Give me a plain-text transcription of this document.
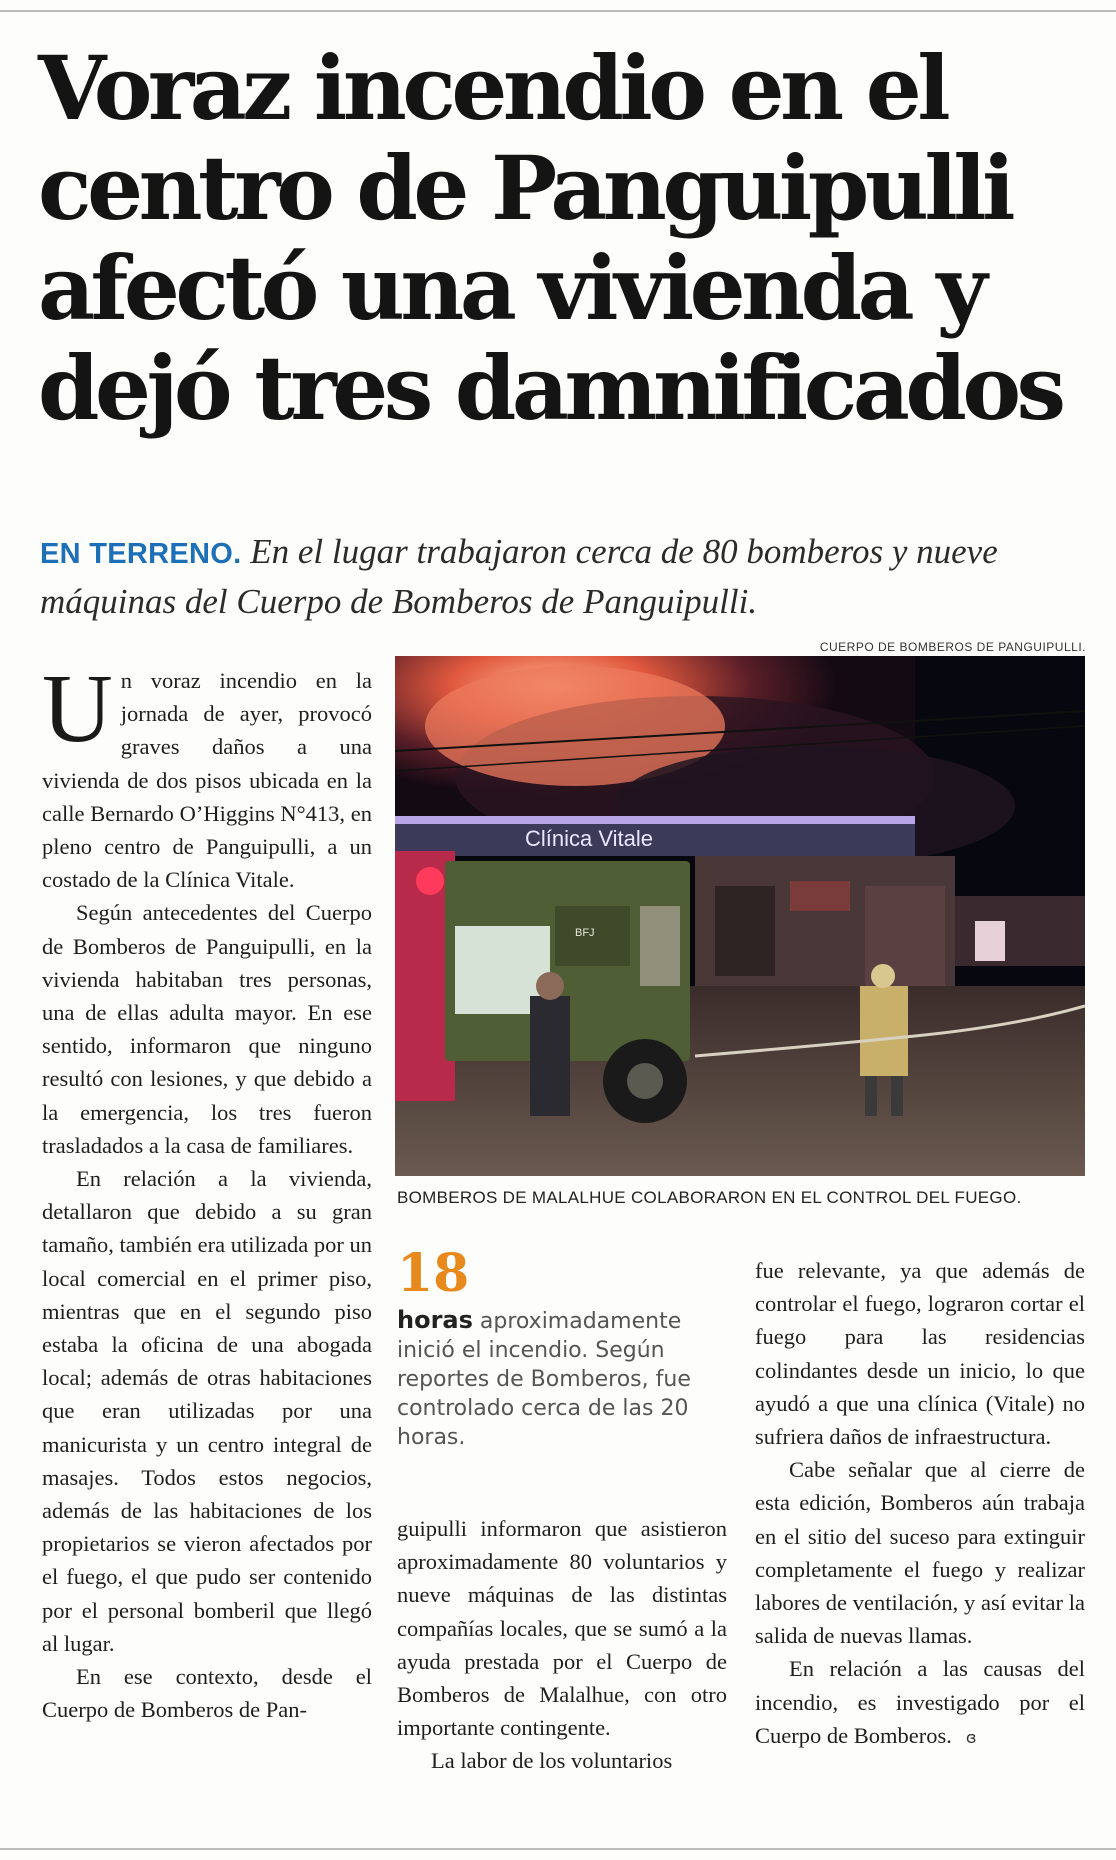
Voraz incendio en el
centro de Panguipulli
afectó una vivienda y
dejó tres damnificados
EN TERRENO. En el lugar trabajaron cerca de 80 bomberos y nueve máquinas del Cuerpo de Bomberos de Panguipulli.
CUERPO DE BOMBEROS DE PANGUIPULLI.
Clínica Vitale
BFJ
BOMBEROS DE MALALHUE COLABORARON EN EL CONTROL DEL FUEGO.

Un voraz incendio en la jornada de ayer, provocó graves daños a una vivienda de dos pisos ubicada en la calle Bernardo O’Higgins N°413, en pleno centro de Panguipulli, a un costado de la Clínica Vitale.

Según antecedentes del Cuerpo de Bomberos de Panguipulli, en la vivienda habitaban tres personas, una de ellas adulta mayor. En ese sentido, informaron que ninguno resultó con lesiones, y que debido a la emergencia, los tres fueron trasladados a la casa de familiares.

En relación a la vivienda, detallaron que debido a su gran tamaño, también era utilizada por un local comercial en el primer piso, mientras que en el segundo piso estaba la oficina de una abogada local; además de otras habitaciones que eran utilizadas por una manicurista y un centro integral de masajes. Todos estos negocios, además de las habitaciones de los propietarios se vieron afectados por el fuego, el que pudo ser contenido por el personal bomberil que llegó al lugar.

En ese contexto, desde el Cuerpo de Bomberos de Pan-

18
horas aproximadamente inició el incendio. Según reportes de Bomberos, fue controlado cerca de las 20 horas.

guipulli informaron que asistieron aproximadamente 80 voluntarios y nueve máquinas de las distintas compañías locales, que se sumó a la ayuda prestada por el Cuerpo de Bomberos de Malalhue, con otro importante contingente.

La labor de los voluntarios

fue relevante, ya que además de controlar el fuego, lograron cortar el fuego para las residencias colindantes desde un inicio, lo que ayudó a que una clínica (Vitale) no sufriera daños de infraestructura.

Cabe señalar que al cierre de esta edición, Bomberos aún trabaja en el sitio del suceso para extinguir completamente el fuego y realizar labores de ventilación, y así evitar la salida de nuevas llamas.

En relación a las causas del incendio, es investigado por el Cuerpo de Bomberos. ɞ
